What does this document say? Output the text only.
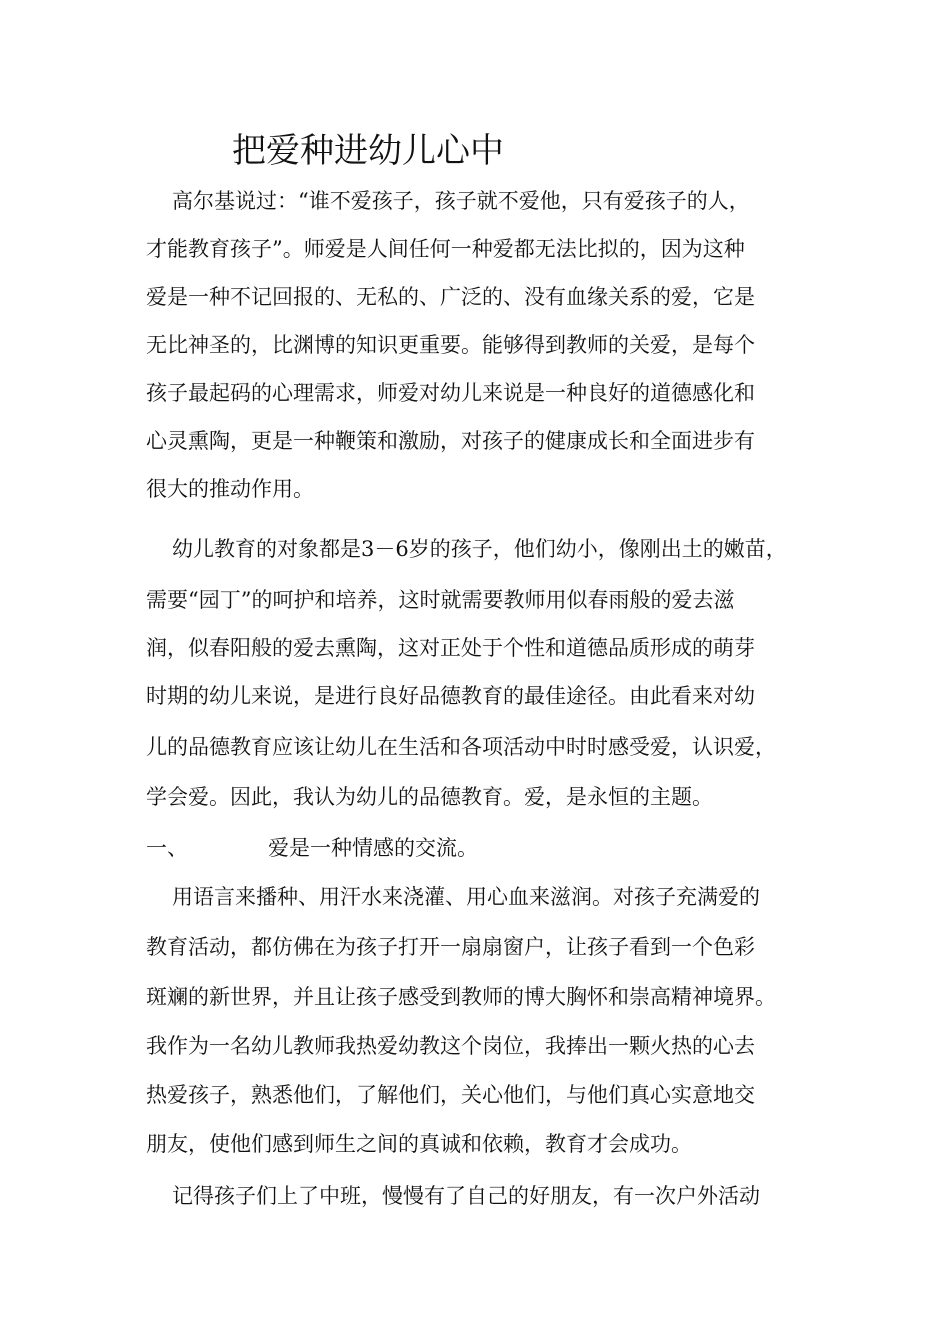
把爱种进幼儿心中
高尔基说过：“谁不爱孩子，孩子就不爱他，只有爱孩子的人，
才能教育孩子”。师爱是人间任何一种爱都无法比拟的，因为这种
爱是一种不记回报的、无私的、广泛的、没有血缘关系的爱，它是
无比神圣的，比渊博的知识更重要。能够得到教师的关爱，是每个
孩子最起码的心理需求，师爱对幼儿来说是一种良好的道德感化和
心灵熏陶，更是一种鞭策和激励，对孩子的健康成长和全面进步有
很大的推动作用。
幼儿教育的对象都是3－6岁的孩子，他们幼小，像刚出土的嫩苗，
需要“园丁”的呵护和培养，这时就需要教师用似春雨般的爱去滋
润，似春阳般的爱去熏陶，这对正处于个性和道德品质形成的萌芽
时期的幼儿来说，是进行良好品德教育的最佳途径。由此看来对幼
儿的品德教育应该让幼儿在生活和各项活动中时时感受爱，认识爱，
学会爱。因此，我认为幼儿的品德教育。爱，是永恒的主题。
一、	爱是一种情感的交流。
用语言来播种、用汗水来浇灌、用心血来滋润。对孩子充满爱的
教育活动，都仿佛在为孩子打开一扇扇窗户，让孩子看到一个色彩
斑斓的新世界，并且让孩子感受到教师的博大胸怀和崇高精神境界。
我作为一名幼儿教师我热爱幼教这个岗位，我捧出一颗火热的心去
热爱孩子，熟悉他们，了解他们，关心他们，与他们真心实意地交
朋友，使他们感到师生之间的真诚和依赖，教育才会成功。
记得孩子们上了中班，慢慢有了自己的好朋友，有一次户外活动
